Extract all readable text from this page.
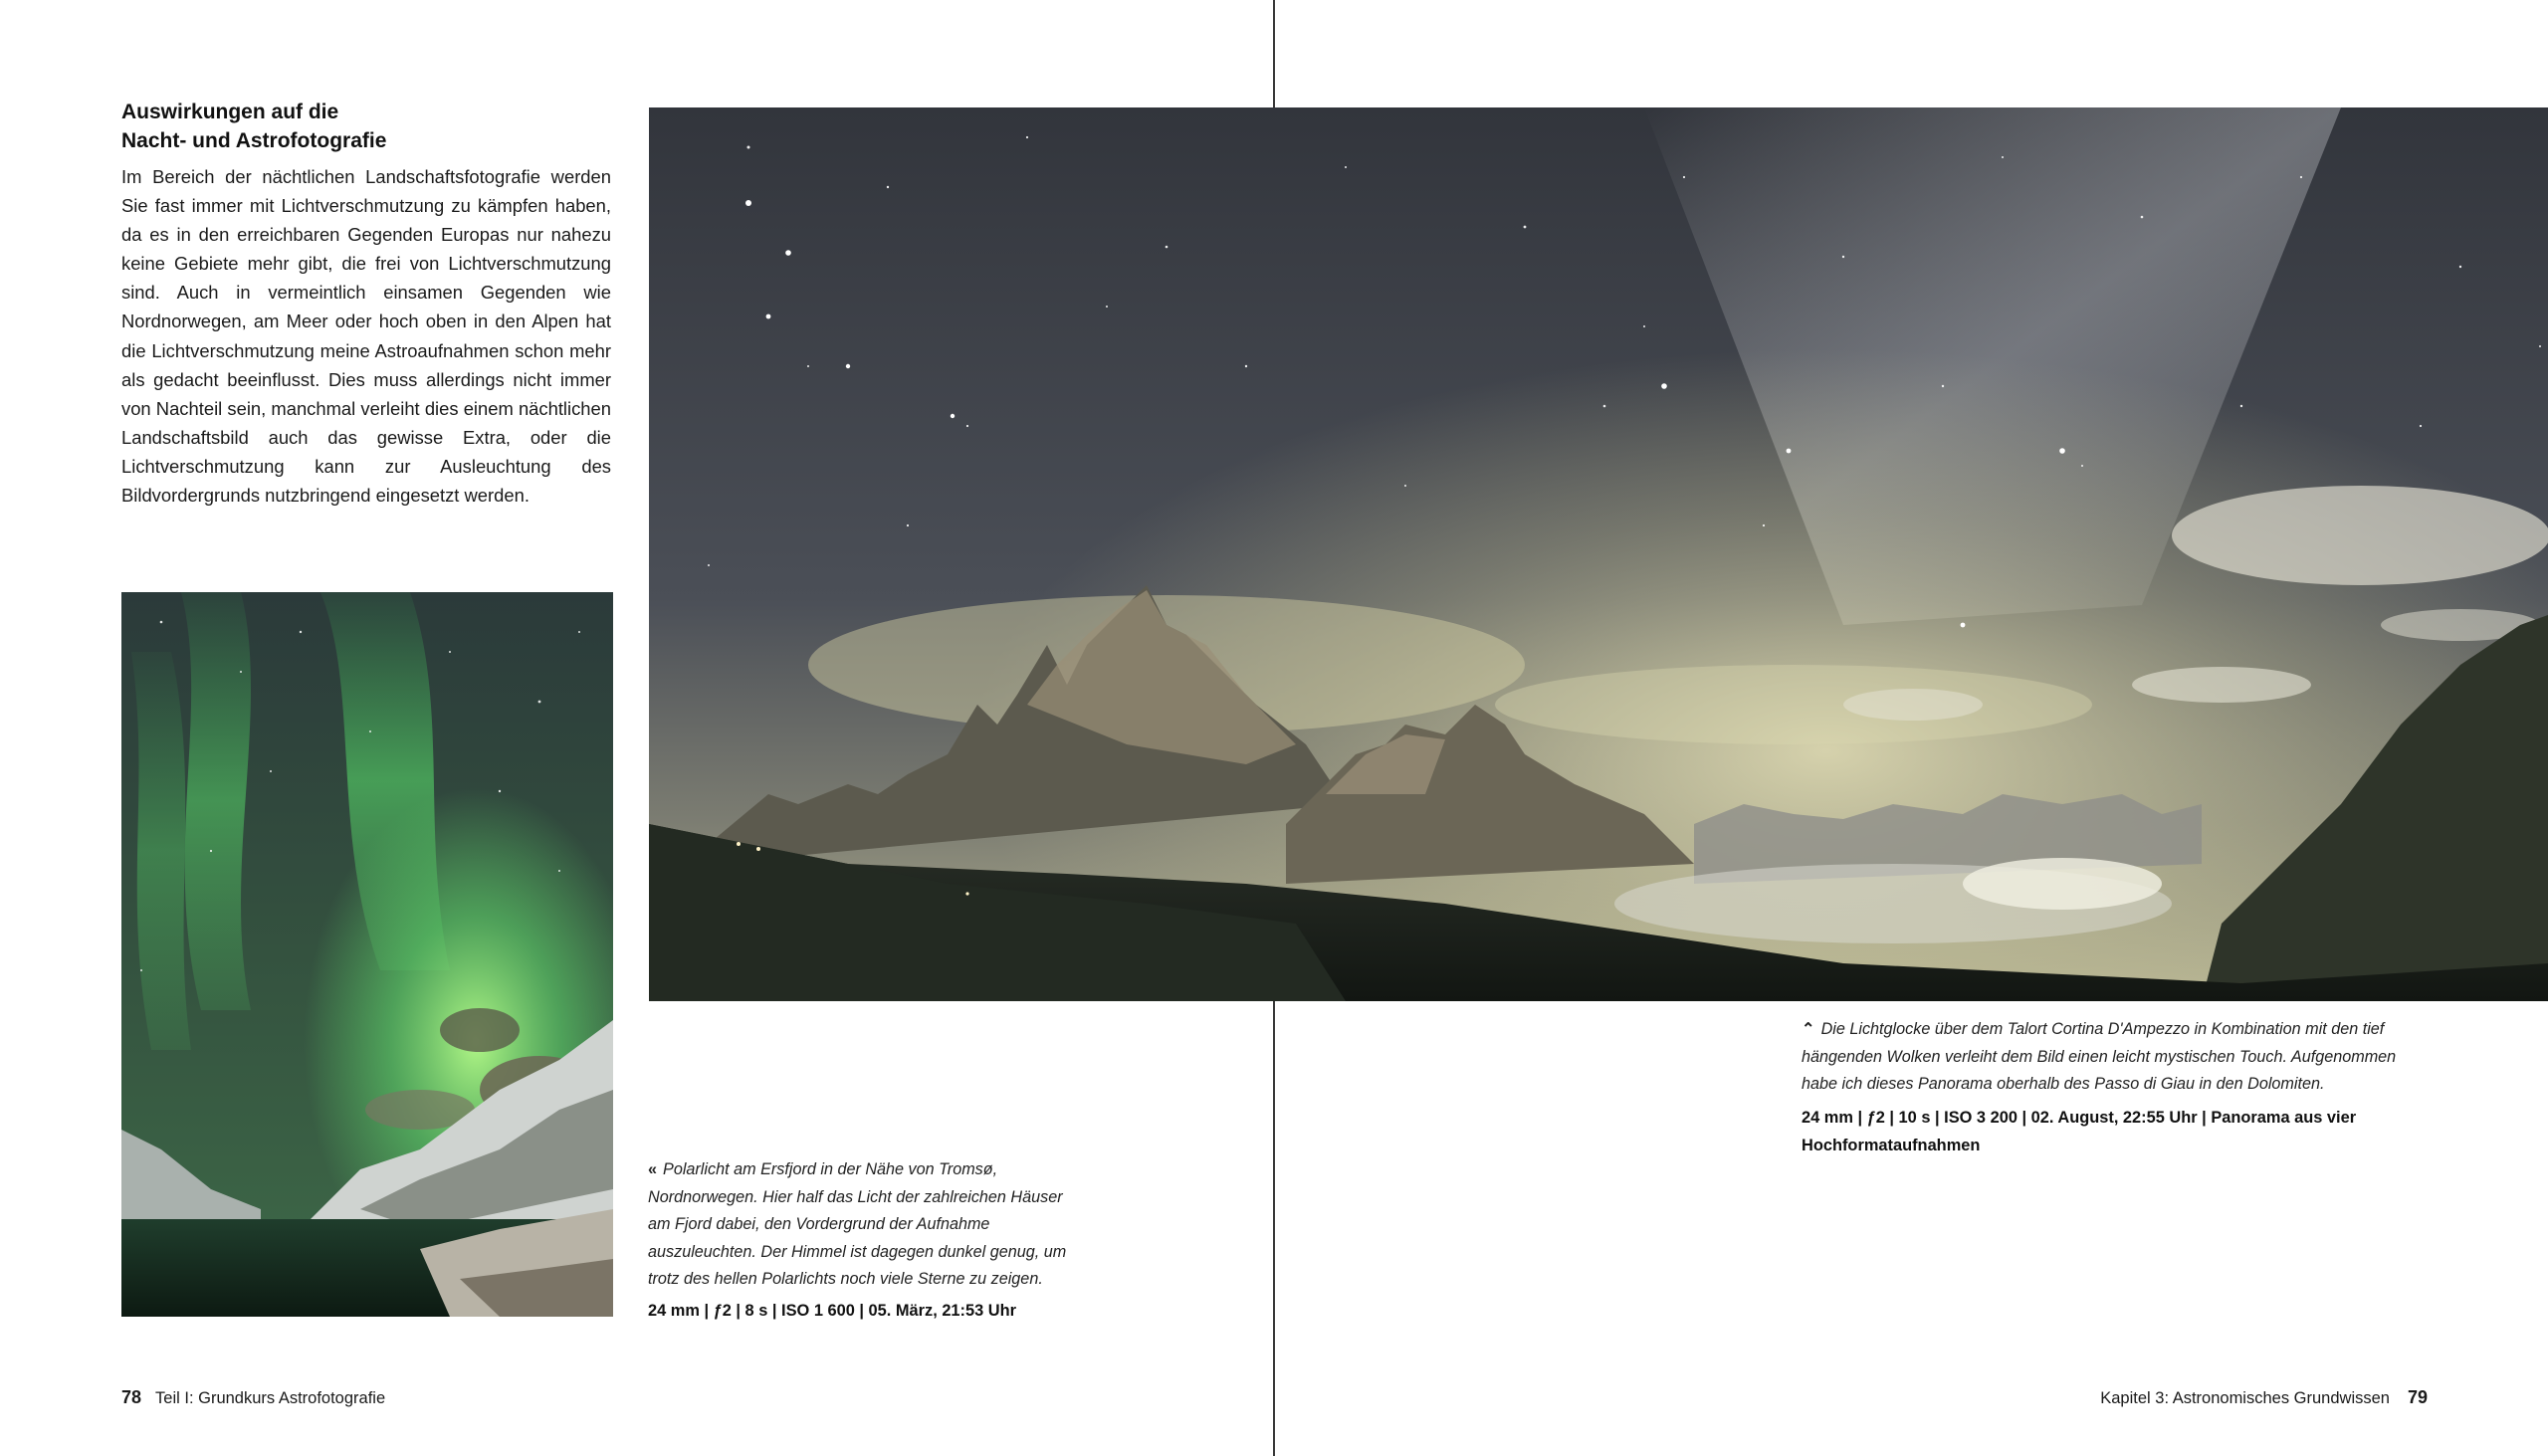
Auswirkungen auf die
Nacht- und Astrofotografie
Im Bereich der nächtlichen Landschaftsfotografie werden Sie fast immer mit Lichtverschmutzung zu kämpfen haben, da es in den erreichbaren Gegenden Europas nur nahezu keine Gebiete mehr gibt, die frei von Lichtverschmutzung sind. Auch in vermeintlich einsamen Gegenden wie Nordnorwegen, am Meer oder hoch oben in den Alpen hat die Lichtverschmutzung meine Astroaufnahmen schon mehr als gedacht beeinflusst. Dies muss allerdings nicht immer von Nachteil sein, manchmal verleiht dies einem nächtlichen Landschaftsbild auch das gewisse Extra, oder die Lichtverschmutzung kann zur Ausleuchtung des Bildvordergrunds nutzbringend eingesetzt werden.
« Polarlicht am Ersfjord in der Nähe von Tromsø, Nordnorwegen. Hier half das Licht der zahlreichen Häuser am Fjord dabei, den Vordergrund der Aufnahme auszuleuchten. Der Himmel ist dagegen dunkel genug, um trotz des hellen Polarlichts noch viele Sterne zu zeigen.
24 mm | ƒ2 | 8 s | ISO 1 600 | 05. März, 21:53 Uhr
⌃ Die Lichtglocke über dem Talort Cortina D'Ampezzo in Kombination mit den tief hängenden Wolken verleiht dem Bild einen leicht mystischen Touch. Aufgenommen habe ich dieses Panorama oberhalb des Passo di Giau in den Dolomiten.
24 mm | ƒ2 | 10 s | ISO 3 200 | 02. August, 22:55 Uhr | Panorama aus vier Hochformataufnahmen
78 Teil I: Grundkurs Astrofotografie	Kapitel 3: Astronomisches Grundwissen 79
